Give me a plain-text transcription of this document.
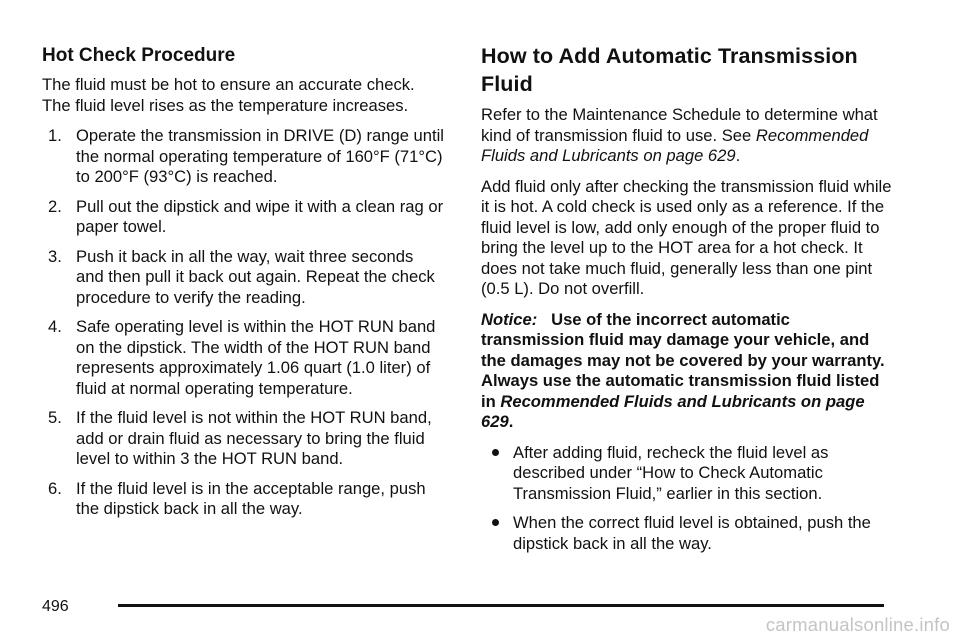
Hot Check Procedure

The fluid must be hot to ensure an accurate check. The fluid level rises as the temperature increases.

1. Operate the transmission in DRIVE (D) range until the normal operating temperature of 160°F (71°C) to 200°F (93°C) is reached.
2. Pull out the dipstick and wipe it with a clean rag or paper towel.
3. Push it back in all the way, wait three seconds and then pull it back out again. Repeat the check procedure to verify the reading.
4. Safe operating level is within the HOT RUN band on the dipstick. The width of the HOT RUN band represents approximately 1.06 quart (1.0 liter) of fluid at normal operating temperature.
5. If the fluid level is not within the HOT RUN band, add or drain fluid as necessary to bring the fluid level to within 3 the HOT RUN band.
6. If the fluid level is in the acceptable range, push the dipstick back in all the way.
How to Add Automatic Transmission Fluid

Refer to the Maintenance Schedule to determine what kind of transmission fluid to use. See Recommended Fluids and Lubricants on page 629.

Add fluid only after checking the transmission fluid while it is hot. A cold check is used only as a reference. If the fluid level is low, add only enough of the proper fluid to bring the level up to the HOT area for a hot check. It does not take much fluid, generally less than one pint (0.5 L). Do not overfill.

Notice: Use of the incorrect automatic transmission fluid may damage your vehicle, and the damages may not be covered by your warranty. Always use the automatic transmission fluid listed in Recommended Fluids and Lubricants on page 629.

After adding fluid, recheck the fluid level as described under “How to Check Automatic Transmission Fluid,” earlier in this section.
When the correct fluid level is obtained, push the dipstick back in all the way.
496
carmanualsonline.info
